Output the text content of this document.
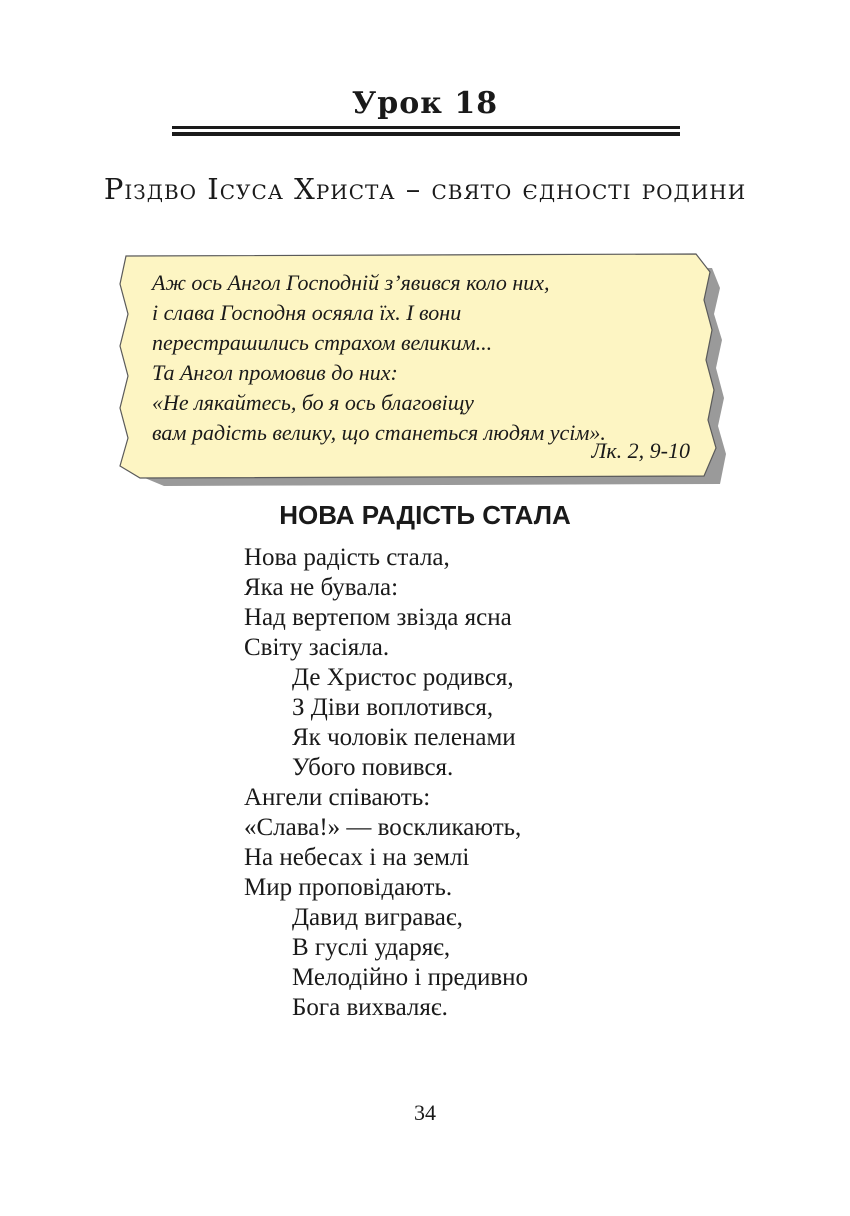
Урок 18
Різдво Ісуса Христа – свято єдності родини
Аж ось Ангол Господній з’явився коло них,
і слава Господня осяяла їх. І вони
перестрашились страхом великим...
Та Ангол промовив до них:
«Не лякайтесь, бо я ось благовіщу
вам радість велику, що станеться людям усім».
Лк. 2, 9-10
НОВА РАДІСТЬ СТАЛА
Нова радість стала,
Яка не бувала:
Над вертепом звізда ясна
Світу засіяла.
Де Христос родився,
З Діви воплотився,
Як чоловік пеленами
Убого повився.
Ангели співають:
«Слава!» — воскликають,
На небесах і на землі
Мир проповідають.
Давид виграває,
В гуслі ударяє,
Мелодійно і предивно
Бога вихваляє.
34
